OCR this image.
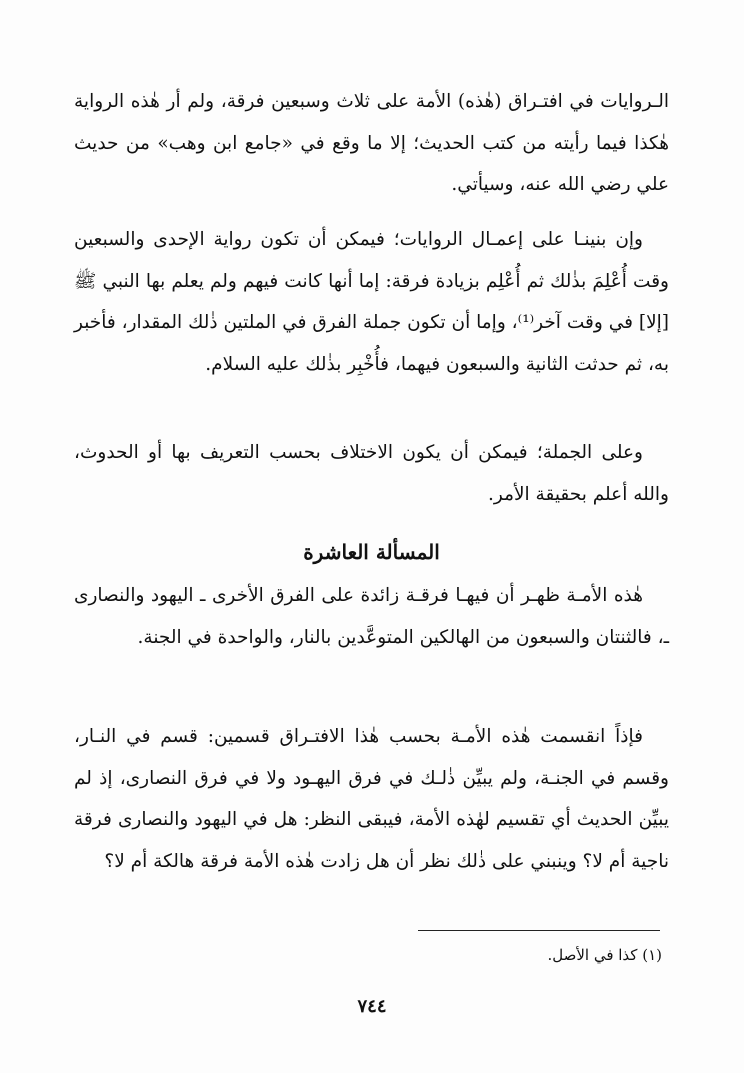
الـروايات في افتـراق (هٰذه) الأمة على ثلاث وسبعين فرقة، ولم أر هٰذه الرواية هٰكذا فيما رأيته من كتب الحديث؛ إلا ما وقع في «جامع ابن وهب» من حديث علي رضي الله عنه، وسيأتي.

وإن بنينـا على إعمـال الروايات؛ فيمكن أن تكون رواية الإحدى والسبعين وقت أُعْلِمَ بذٰلك ثم أُعْلِم بزيادة فرقة: إما أنها كانت فيهم ولم يعلم بها النبي ﷺ [إلا] في وقت آخر⁽¹⁾، وإما أن تكون جملة الفرق في الملتين ذٰلك المقدار، فأخبر به، ثم حدثت الثانية والسبعون فيهما، فأُخْبِر بذٰلك عليه السلام.

وعلى الجملة؛ فيمكن أن يكون الاختلاف بحسب التعريف بها أو الحدوث، والله أعلم بحقيقة الأمر.

المسألة العاشرة

هٰذه الأمـة ظهـر أن فيهـا فرقـة زائدة على الفرق الأخرى ـ اليهود والنصارى ـ، فالثنتان والسبعون من الهالكين المتوعَّدين بالنار، والواحدة في الجنة.

فإذاً انقسمت هٰذه الأمـة بحسب هٰذا الافتـراق قسمين: قسم في النـار، وقسم في الجنـة، ولم يبيِّن ذٰلـك في فرق اليهـود ولا في فرق النصارى، إذ لم يبيِّن الحديث أي تقسيم لهٰذه الأمة، فيبقى النظر: هل في اليهود والنصارى فرقة ناجية أم لا؟ وينبني على ذٰلك نظر أن هل زادت هٰذه الأمة فرقة هالكة أم لا؟

(١) كذا في الأصل.
٧٤٤
